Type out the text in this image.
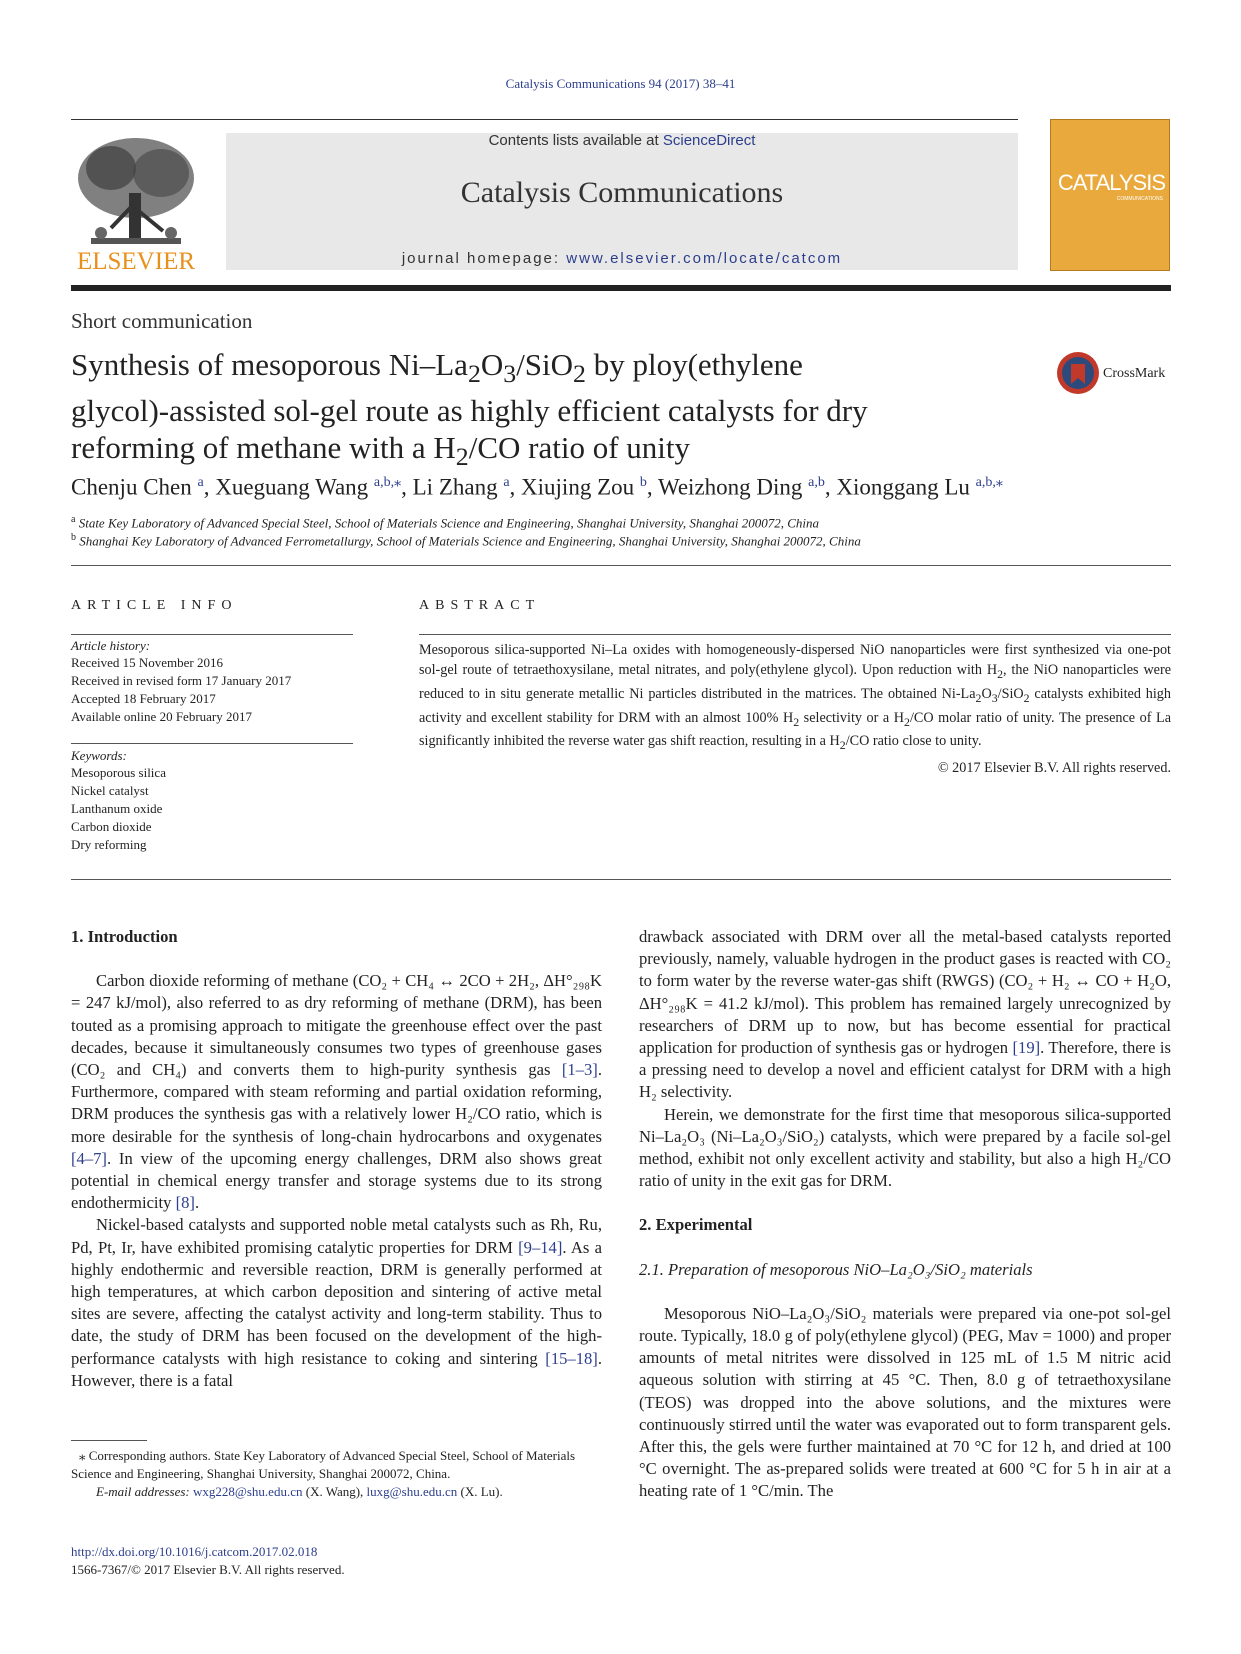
Catalysis Communications 94 (2017) 38–41
ELSEVIER
Contents lists available at ScienceDirect
Catalysis Communications
journal homepage: www.elsevier.com/locate/catcom
CATALYSIS
COMMUNICATIONS
Short communication
Synthesis of mesoporous $Ni-La_2O_3/SiO_2$ by ploy(ethylene
glycol)-assisted sol-gel route as highly efficient catalysts for dry
reforming of methane with a $H_2/CO$ ratio of unity
CrossMark
Chenju Chen $^a$, Xueguang Wang $^{a,b,⁎}$, Li Zhang $^a$, Xiujing Zou $^b$, Weizhong Ding $^{a,b}$, Xionggang Lu $^{a,b,⁎}$
$^a$ State Key Laboratory of Advanced Special Steel, School of Materials Science and Engineering, Shanghai University, Shanghai 200072, China
$^b$ Shanghai Key Laboratory of Advanced Ferrometallurgy, School of Materials Science and Engineering, Shanghai University, Shanghai 200072, China
ARTICLE INFO
Article history:
Received 15 November 2016
Received in revised form 17 January 2017
Accepted 18 February 2017
Available online 20 February 2017
Keywords:
Mesoporous silica
Nickel catalyst
Lanthanum oxide
Carbon dioxide
Dry reforming
ABSTRACT
Mesoporous silica-supported Ni–La oxides with homogeneously-dispersed NiO nanoparticles were first synthesized via one-pot sol-gel route of tetraethoxysilane, metal nitrates, and poly(ethylene glycol). Upon reduction with $H_2$, the NiO nanoparticles were reduced to in situ generate metallic Ni particles distributed in the matrices. The obtained $Ni-La_2O_3/SiO_2$ catalysts exhibited high activity and excellent stability for DRM with an almost 100% $H_2$ selectivity or a $H_2/CO$ molar ratio of unity. The presence of La significantly inhibited the reverse water gas shift reaction, resulting in a $H_2/CO$ ratio close to unity.
© 2017 Elsevier B.V. All rights reserved.
1. Introduction

Carbon dioxide reforming of methane (CO₂ + CH₄ ↔ 2CO + 2H₂, ΔH°₂₉₈K = 247 kJ/mol), also referred to as dry reforming of methane (DRM), has been touted as a promising approach to mitigate the greenhouse effect over the past decades, because it simultaneously consumes two types of greenhouse gases (CO₂ and CH₄) and converts them to high-purity synthesis gas [1–3]. Furthermore, compared with steam reforming and partial oxidation reforming, DRM produces the synthesis gas with a relatively lower H₂/CO ratio, which is more desirable for the synthesis of long-chain hydrocarbons and oxygenates [4–7]. In view of the upcoming energy challenges, DRM also shows great potential in chemical energy transfer and storage systems due to its strong endothermicity [8].

Nickel-based catalysts and supported noble metal catalysts such as Rh, Ru, Pd, Pt, Ir, have exhibited promising catalytic properties for DRM [9–14]. As a highly endothermic and reversible reaction, DRM is generally performed at high temperatures, at which carbon deposition and sintering of active metal sites are severe, affecting the catalyst activity and long-term stability. Thus to date, the study of DRM has been focused on the development of the high-performance catalysts with high resistance to coking and sintering [15–18]. However, there is a fatal

drawback associated with DRM over all the metal-based catalysts reported previously, namely, valuable hydrogen in the product gases is reacted with CO₂ to form water by the reverse water-gas shift (RWGS) (CO₂ + H₂ ↔ CO + H₂O, ΔH°₂₉₈K = 41.2 kJ/mol). This problem has remained largely unrecognized by researchers of DRM up to now, but has become essential for practical application for production of synthesis gas or hydrogen [19]. Therefore, there is a pressing need to develop a novel and efficient catalyst for DRM with a high H₂ selectivity.

Herein, we demonstrate for the first time that mesoporous silica-supported Ni–La₂O₃ (Ni–La₂O₃/SiO₂) catalysts, which were prepared by a facile sol-gel method, exhibit not only excellent activity and stability, but also a high H₂/CO ratio of unity in the exit gas for DRM.

2. Experimental
2.1. Preparation of mesoporous NiO–La₂O₃/SiO₂ materials

Mesoporous NiO–La₂O₃/SiO₂ materials were prepared via one-pot sol-gel route. Typically, 18.0 g of poly(ethylene glycol) (PEG, Mav = 1000) and proper amounts of metal nitrites were dissolved in 125 mL of 1.5 M nitric acid aqueous solution with stirring at 45 °C. Then, 8.0 g of tetraethoxysilane (TEOS) was dropped into the above solutions, and the mixtures were continuously stirred until the water was evaporated out to form transparent gels. After this, the gels were further maintained at 70 °C for 12 h, and dried at 100 °C overnight. The as-prepared solids were treated at 600 °C for 5 h in air at a heating rate of 1 °C/min. The

⁎ Corresponding authors. State Key Laboratory of Advanced Special Steel, School of Materials Science and Engineering, Shanghai University, Shanghai 200072, China.
E-mail addresses: wxg228@shu.edu.cn (X. Wang), luxg@shu.edu.cn (X. Lu).
http://dx.doi.org/10.1016/j.catcom.2017.02.018
1566-7367/© 2017 Elsevier B.V. All rights reserved.
